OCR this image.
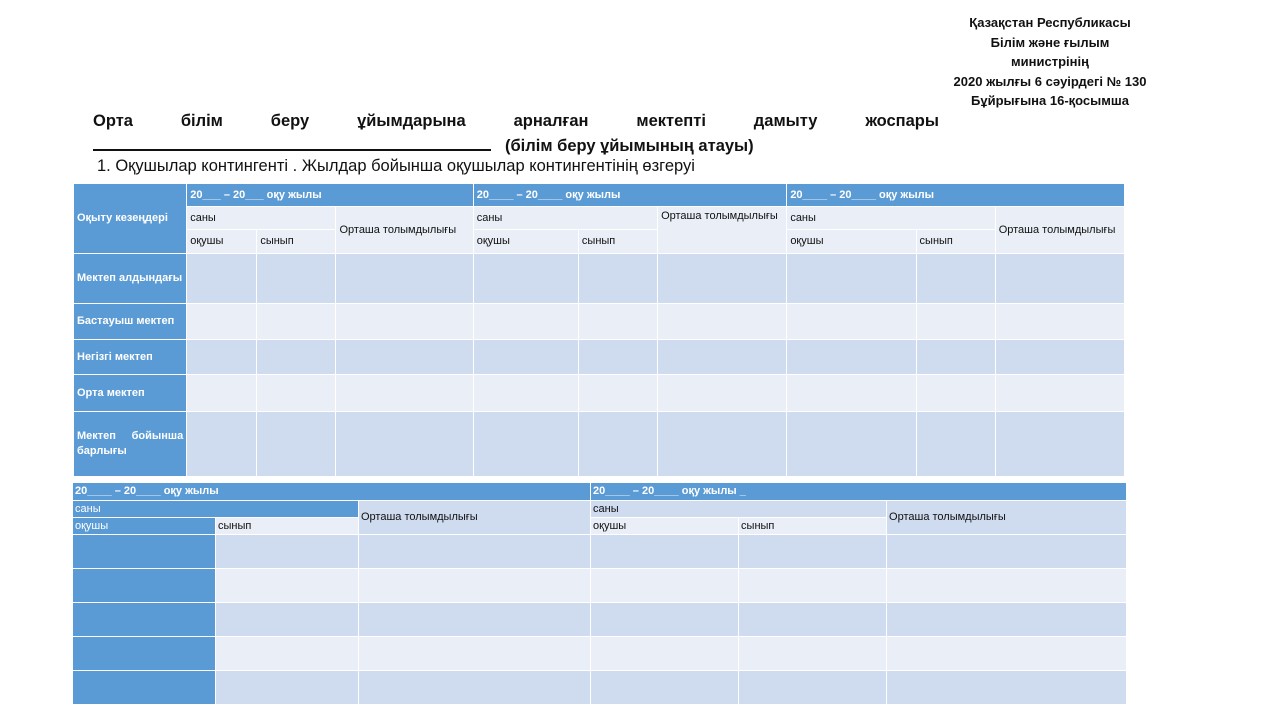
Қазақстан Республикасы
Білім және ғылым
министрінің
2020 жылғы 6 сәуірдегі № 130
Бұйрығына 16-қосымша
Орта	білім	беру	ұйымдарына	арналған	мектепті	дамыту	жоспары
(білім беру ұйымының атауы)
1. Оқушылар контингенті . Жылдар бойынша оқушылар контингентінің өзгеруі
Оқыту кезеңдері	20___ – 20___ оқу жылы			20____ – 20____ оқу жылы			20____ – 20____ оқу жылы		
	саны		Орташа толымдылығы	саны		Орташа толымдылығы	саны		Орташа толымдылығы
	оқушы	сынып		оқушы	сынып		оқушы	сынып	
Мектеп алдындағы									
Бастауыш мектеп									
Негізгі мектеп									
Орта мектеп									
Мектеп бойынша барлығы									
20____ – 20____ оқу жылы			20____ – 20____ оқу жылы _		
саны		Орташа толымдылығы	саны		Орташа толымдылығы
оқушы	сынып		оқушы	сынып	
